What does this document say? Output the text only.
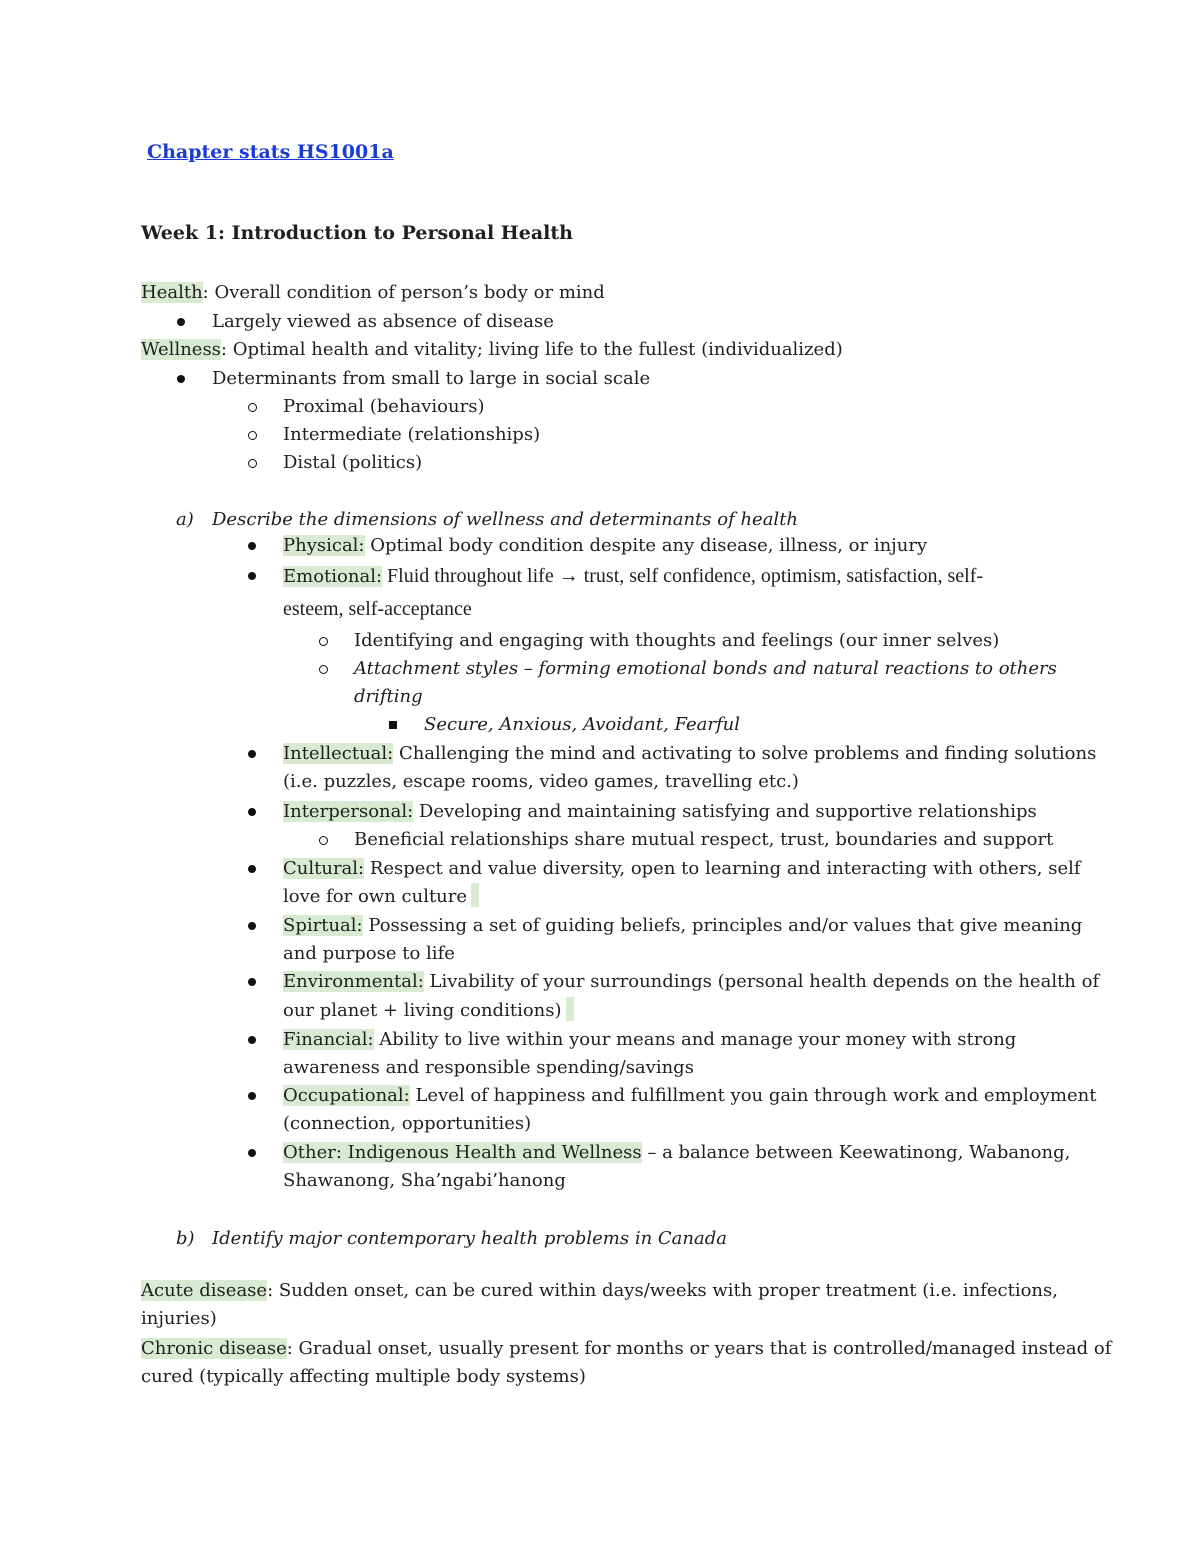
Chapter stats HS1001a
Week 1: Introduction to Personal Health
Health: Overall condition of person’s body or mind
Largely viewed as absence of disease
Wellness: Optimal health and vitality; living life to the fullest (individualized)
Determinants from small to large in social scale
Proximal (behaviours)
Intermediate (relationships)
Distal (politics)
a) Describe the dimensions of wellness and determinants of health
Physical: Optimal body condition despite any disease, illness, or injury
Emotional: Fluid throughout life → trust, self confidence, optimism, satisfaction, self-
esteem, self-acceptance
Identifying and engaging with thoughts and feelings (our inner selves)
Attachment styles – forming emotional bonds and natural reactions to others
drifting
Secure, Anxious, Avoidant, Fearful
Intellectual: Challenging the mind and activating to solve problems and finding solutions
(i.e. puzzles, escape rooms, video games, travelling etc.)
Interpersonal: Developing and maintaining satisfying and supportive relationships
Beneficial relationships share mutual respect, trust, boundaries and support
Cultural: Respect and value diversity, open to learning and interacting with others, self
love for own culture
Spirtual: Possessing a set of guiding beliefs, principles and/or values that give meaning
and purpose to life
Environmental: Livability of your surroundings (personal health depends on the health of
our planet + living conditions)
Financial: Ability to live within your means and manage your money with strong
awareness and responsible spending/savings
Occupational: Level of happiness and fulfillment you gain through work and employment
(connection, opportunities)
Other: Indigenous Health and Wellness – a balance between Keewatinong, Wabanong,
Shawanong, Sha’ngabi’hanong
b) Identify major contemporary health problems in Canada
Acute disease: Sudden onset, can be cured within days/weeks with proper treatment (i.e. infections,
injuries)
Chronic disease: Gradual onset, usually present for months or years that is controlled/managed instead of
cured (typically affecting multiple body systems)
